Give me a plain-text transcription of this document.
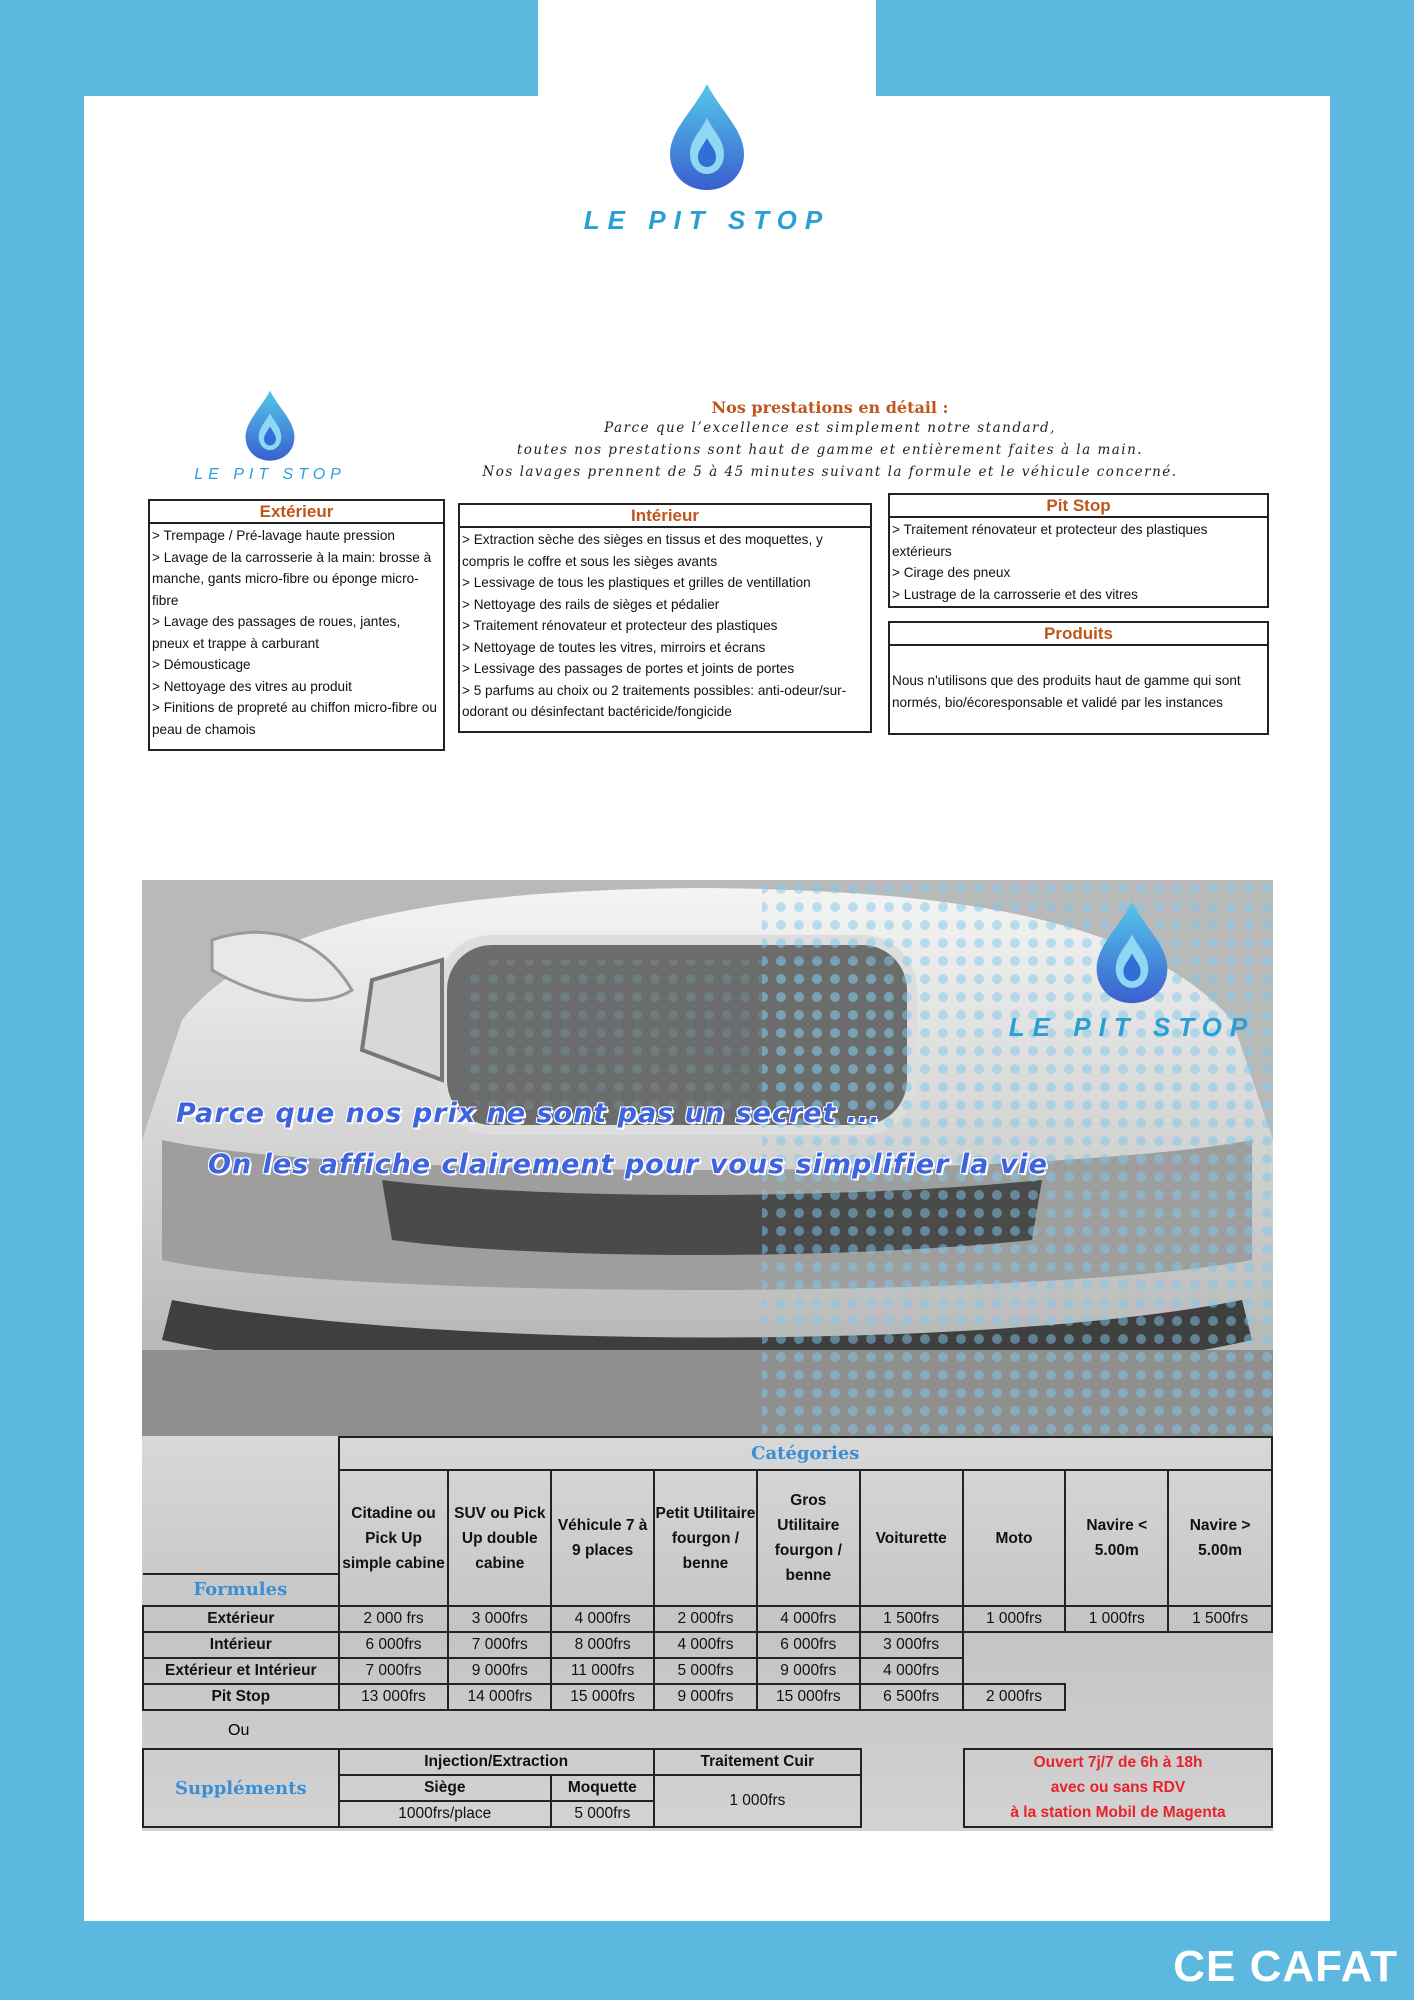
LE PIT STOP
LE PIT STOP
Nos prestations en détail :
Parce que l’excellence est simplement notre standard,
toutes nos prestations sont haut de gamme et entièrement faites à la main.
Nos lavages prennent de 5 à 45 minutes suivant la formule et le véhicule concerné.
Extérieur
> Trempage / Pré-lavage haute pression
> Lavage de la carrosserie à la main: brosse à manche, gants micro-fibre ou éponge micro-fibre
> Lavage des passages de roues, jantes, pneux et trappe à carburant
> Démousticage
> Nettoyage des vitres au produit
> Finitions de propreté au chiffon micro-fibre ou peau de chamois
Intérieur
> Extraction sèche des sièges en tissus et des moquettes, y compris le coffre et sous les sièges avants
> Lessivage de tous les plastiques et grilles de ventillation
> Nettoyage des rails de sièges et pédalier
> Traitement rénovateur et protecteur des plastiques
> Nettoyage de toutes les vitres, mirroirs et écrans
> Lessivage des passages de portes et joints de portes
> 5 parfums au choix ou 2 traitements possibles: anti-odeur/sur-odorant ou désinfectant bactéricide/fongicide
Pit Stop
> Traitement rénovateur et protecteur des plastiques extérieurs
> Cirage des pneux
> Lustrage de la carrosserie et des vitres
Produits

Nous n'utilisons que des produits haut de gamme qui sont normés, bio/écoresponsable et validé par les instances

LE PIT STOP
Parce que nos prix ne sont pas un secret ...
On les affiche clairement pour vous simplifier la vie
	Catégories								

Formules	Citadine ou Pick Up simple cabine	SUV ou Pick Up double cabine	Véhicule 7 à 9 places	Petit Utilitaire fourgon / benne	Gros Utilitaire fourgon / benne	Voiturette	Moto	Navire < 5.00m	Navire > 5.00m
Extérieur	2 000 frs	3 000frs	4 000frs	2 000frs	4 000frs	1 500frs	1 000frs	1 000frs	1 500frs
Intérieur	6 000frs	7 000frs	8 000frs	4 000frs	6 000frs	3 000frs			
Extérieur et Intérieur	7 000frs	9 000frs	11 000frs	5 000frs	9 000frs	4 000frs			
Pit Stop	13 000frs	14 000frs	15 000frs	9 000frs	15 000frs	6 500frs	2 000frs		
Ou
Suppléments	Injection/Extraction		Traitement Cuir
	Siège	Moquette	1 000frs
	1000frs/place	5 000frs	
Ouvert 7j/7 de 6h à 18h
avec ou sans RDV
à la station Mobil de Magenta
CE CAFAT
